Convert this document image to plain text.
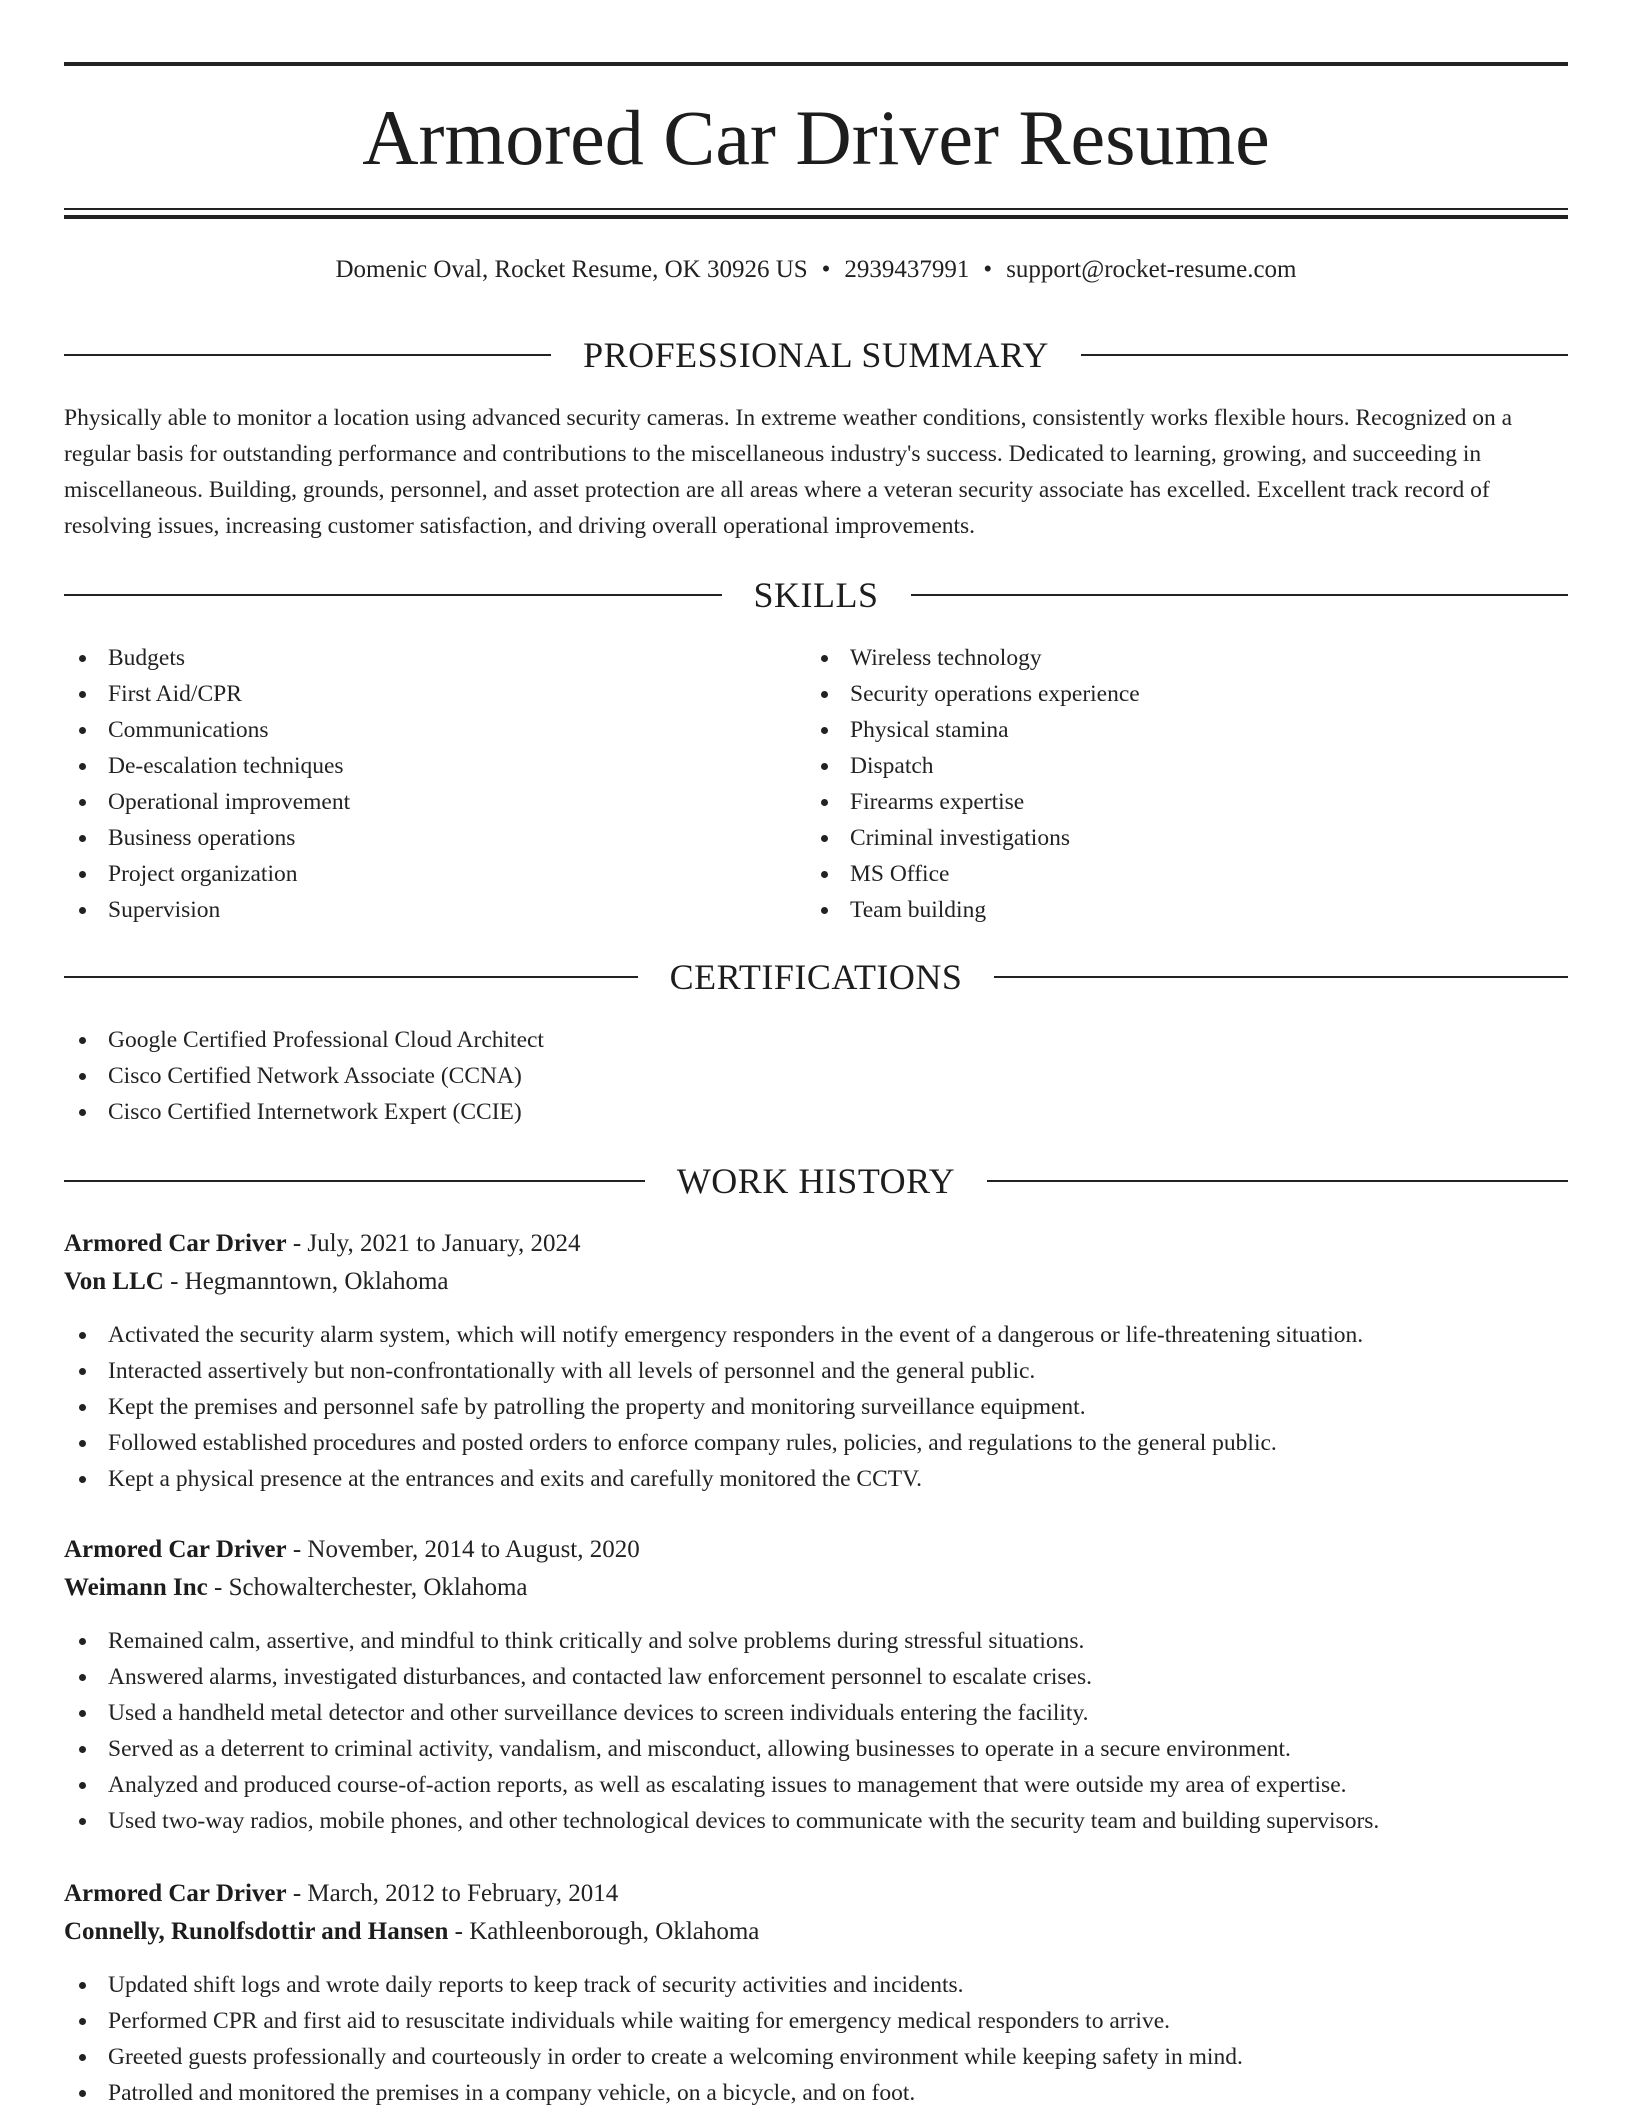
Armored Car Driver Resume
Domenic Oval, Rocket Resume, OK 30926 US • 2939437991 • support@rocket-resume.com
PROFESSIONAL SUMMARY

Physically able to monitor a location using advanced security cameras. In extreme weather conditions, consistently works flexible hours. Recognized on a regular basis for outstanding performance and contributions to the miscellaneous industry's success. Dedicated to learning, growing, and succeeding in miscellaneous. Building, grounds, personnel, and asset protection are all areas where a veteran security associate has excelled. Excellent track record of resolving issues, increasing customer satisfaction, and driving overall operational improvements.

SKILLS
Budgets
First Aid/CPR
Communications
De-escalation techniques
Operational improvement
Business operations
Project organization
Supervision
Wireless technology
Security operations experience
Physical stamina
Dispatch
Firearms expertise
Criminal investigations
MS Office
Team building
CERTIFICATIONS
Google Certified Professional Cloud Architect
Cisco Certified Network Associate (CCNA)
Cisco Certified Internetwork Expert (CCIE)
WORK HISTORY
Armored Car Driver - July, 2021 to January, 2024
Von LLC - Hegmanntown, Oklahoma
Activated the security alarm system, which will notify emergency responders in the event of a dangerous or life-threatening situation.
Interacted assertively but non-confrontationally with all levels of personnel and the general public.
Kept the premises and personnel safe by patrolling the property and monitoring surveillance equipment.
Followed established procedures and posted orders to enforce company rules, policies, and regulations to the general public.
Kept a physical presence at the entrances and exits and carefully monitored the CCTV.
Armored Car Driver - November, 2014 to August, 2020
Weimann Inc - Schowalterchester, Oklahoma
Remained calm, assertive, and mindful to think critically and solve problems during stressful situations.
Answered alarms, investigated disturbances, and contacted law enforcement personnel to escalate crises.
Used a handheld metal detector and other surveillance devices to screen individuals entering the facility.
Served as a deterrent to criminal activity, vandalism, and misconduct, allowing businesses to operate in a secure environment.
Analyzed and produced course-of-action reports, as well as escalating issues to management that were outside my area of expertise.
Used two-way radios, mobile phones, and other technological devices to communicate with the security team and building supervisors.
Armored Car Driver - March, 2012 to February, 2014
Connelly, Runolfsdottir and Hansen - Kathleenborough, Oklahoma
Updated shift logs and wrote daily reports to keep track of security activities and incidents.
Performed CPR and first aid to resuscitate individuals while waiting for emergency medical responders to arrive.
Greeted guests professionally and courteously in order to create a welcoming environment while keeping safety in mind.
Patrolled and monitored the premises in a company vehicle, on a bicycle, and on foot.
